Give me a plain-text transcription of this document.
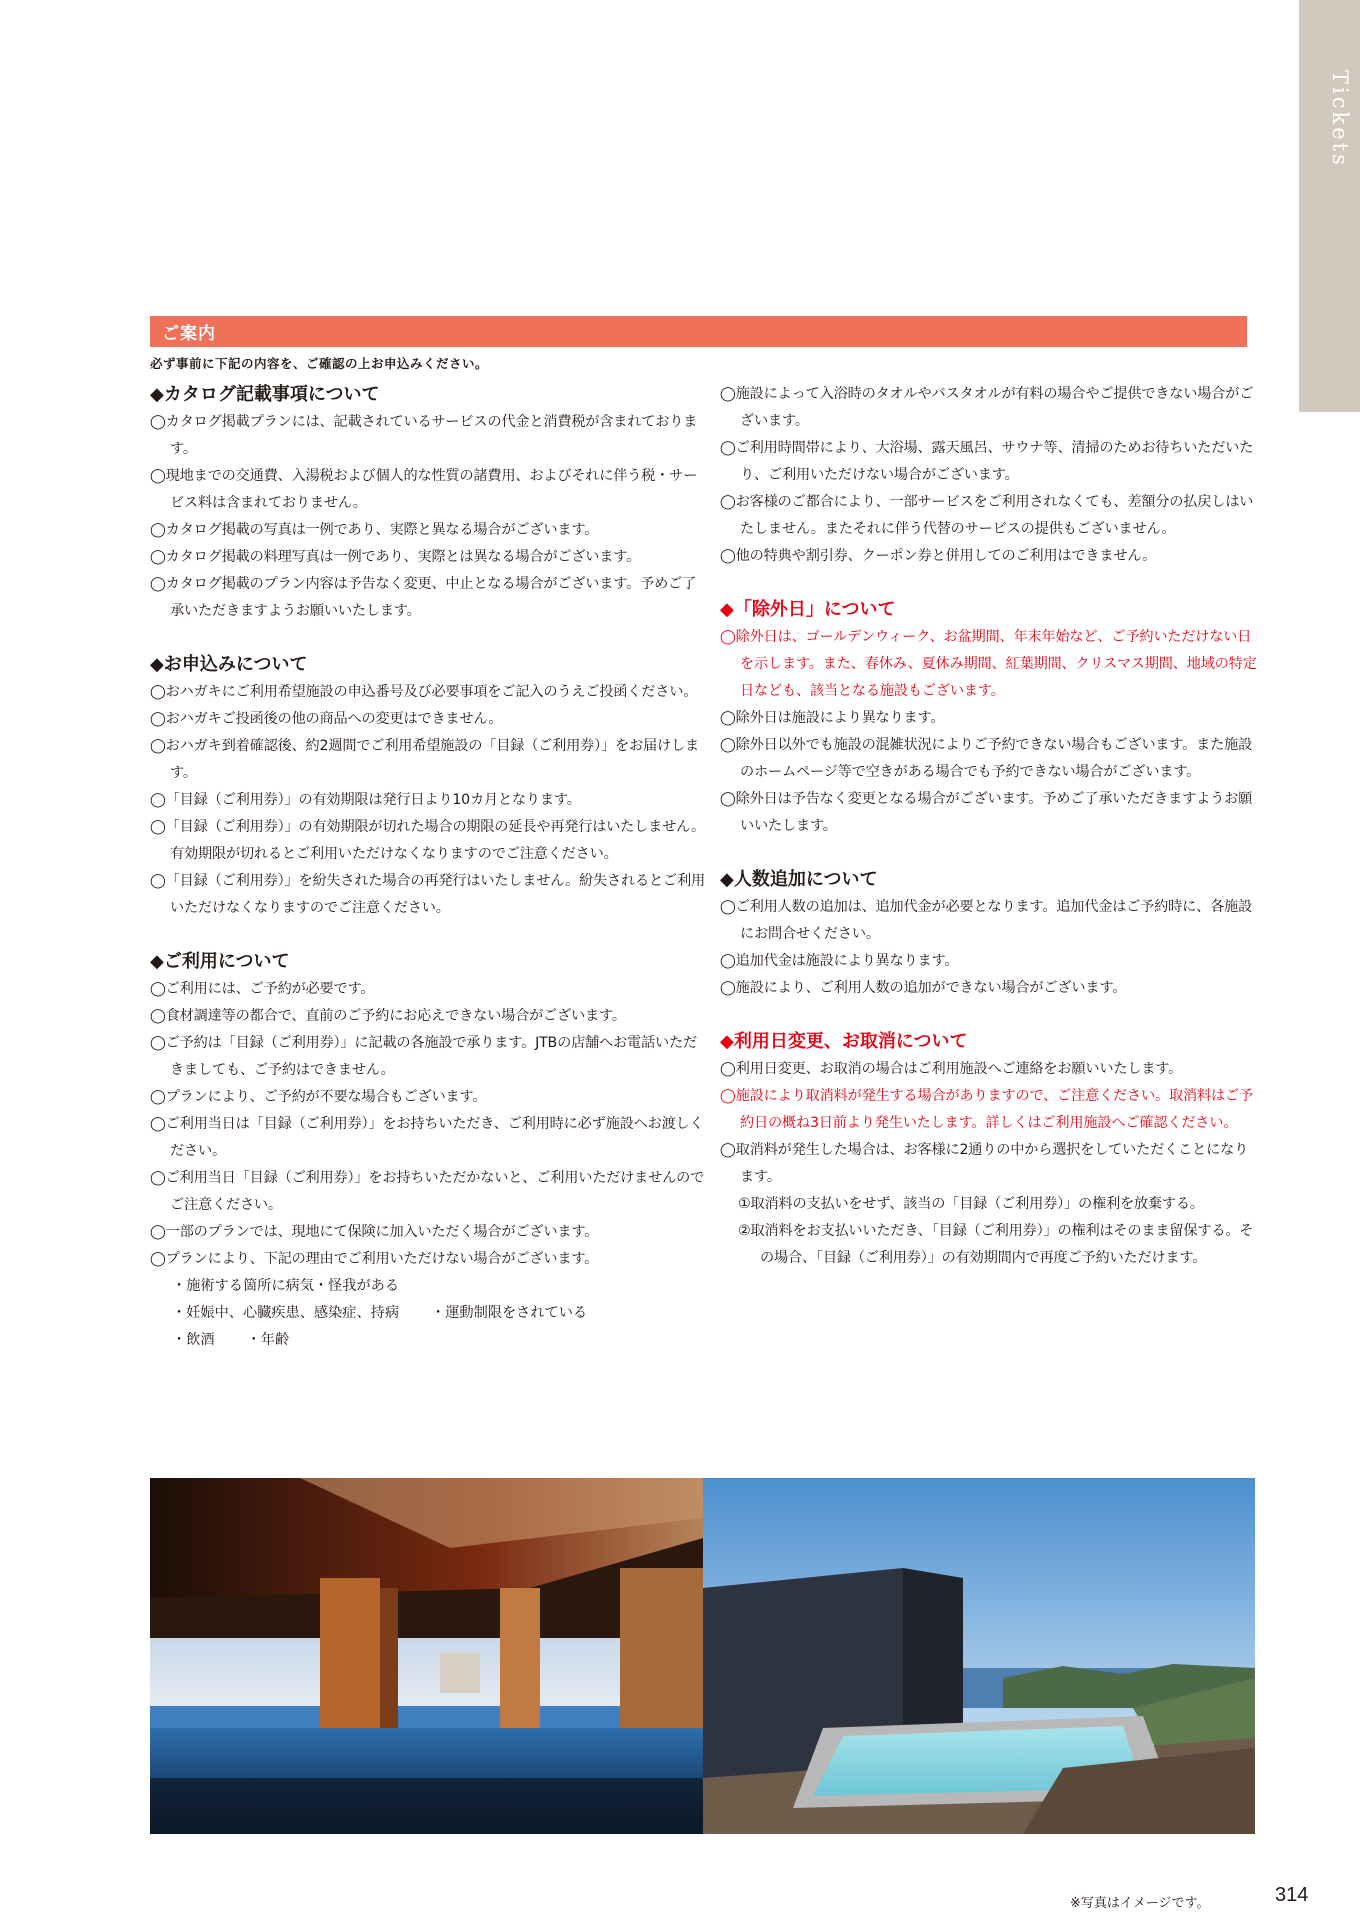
Tickets
ご案内
必ず事前に下記の内容を、ご確認の上お申込みください。
◆カタログ記載事項について
◯カタログ掲載プランには、記載されているサービスの代金と消費税が含まれております。
◯現地までの交通費、入湯税および個人的な性質の諸費用、およびそれに伴う税・サービス料は含まれておりません。
◯カタログ掲載の写真は一例であり、実際と異なる場合がございます。
◯カタログ掲載の料理写真は一例であり、実際とは異なる場合がございます。
◯カタログ掲載のプラン内容は予告なく変更、中止となる場合がございます。予めご了承いただきますようお願いいたします。
◆お申込みについて
◯おハガキにご利用希望施設の申込番号及び必要事項をご記入のうえご投函ください。
◯おハガキご投函後の他の商品への変更はできません。
◯おハガキ到着確認後、約2週間でご利用希望施設の「目録（ご利用券）」をお届けします。
◯「目録（ご利用券）」の有効期限は発行日より10カ月となります。
◯「目録（ご利用券）」の有効期限が切れた場合の期限の延長や再発行はいたしません。有効期限が切れるとご利用いただけなくなりますのでご注意ください。
◯「目録（ご利用券）」を紛失された場合の再発行はいたしません。紛失されるとご利用いただけなくなりますのでご注意ください。
◆ご利用について
◯ご利用には、ご予約が必要です。
◯食材調達等の都合で、直前のご予約にお応えできない場合がございます。
◯ご予約は「目録（ご利用券）」に記載の各施設で承ります。JTBの店舗へお電話いただきましても、ご予約はできません。
◯プランにより、ご予約が不要な場合もございます。
◯ご利用当日は「目録（ご利用券）」をお持ちいただき、ご利用時に必ず施設へお渡しください。
◯ご利用当日「目録（ご利用券）」をお持ちいただかないと、ご利用いただけませんのでご注意ください。
◯一部のプランでは、現地にて保険に加入いただく場合がございます。
◯プランにより、下記の理由でご利用いただけない場合がございます。
・施術する箇所に病気・怪我がある
・妊娠中、心臓疾患、感染症、持病 ・運動制限をされている
・飲酒 ・年齢
◯施設によって入浴時のタオルやバスタオルが有料の場合やご提供できない場合がございます。
◯ご利用時間帯により、大浴場、露天風呂、サウナ等、清掃のためお待ちいただいたり、ご利用いただけない場合がございます。
◯お客様のご都合により、一部サービスをご利用されなくても、差額分の払戻しはいたしません。またそれに伴う代替のサービスの提供もございません。
◯他の特典や割引券、クーポン券と併用してのご利用はできません。
◆「除外日」について
◯除外日は、ゴールデンウィーク、お盆期間、年末年始など、ご予約いただけない日を示します。また、春休み、夏休み期間、紅葉期間、クリスマス期間、地域の特定日なども、該当となる施設もございます。
◯除外日は施設により異なります。
◯除外日以外でも施設の混雑状況によりご予約できない場合もございます。また施設のホームページ等で空きがある場合でも予約できない場合がございます。
◯除外日は予告なく変更となる場合がございます。予めご了承いただきますようお願いいたします。
◆人数追加について
◯ご利用人数の追加は、追加代金が必要となります。追加代金はご予約時に、各施設にお問合せください。
◯追加代金は施設により異なります。
◯施設により、ご利用人数の追加ができない場合がございます。
◆利用日変更、お取消について
◯利用日変更、お取消の場合はご利用施設へご連絡をお願いいたします。
◯施設により取消料が発生する場合がありますので、ご注意ください。取消料はご予約日の概ね3日前より発生いたします。詳しくはご利用施設へご確認ください。
◯取消料が発生した場合は、お客様に2通りの中から選択をしていただくことになります。
①取消料の支払いをせず、該当の「目録（ご利用券）」の権利を放棄する。
②取消料をお支払いいただき、「目録（ご利用券）」の権利はそのまま留保する。その場合、「目録（ご利用券）」の有効期間内で再度ご予約いただけます。
※写真はイメージです。	314
